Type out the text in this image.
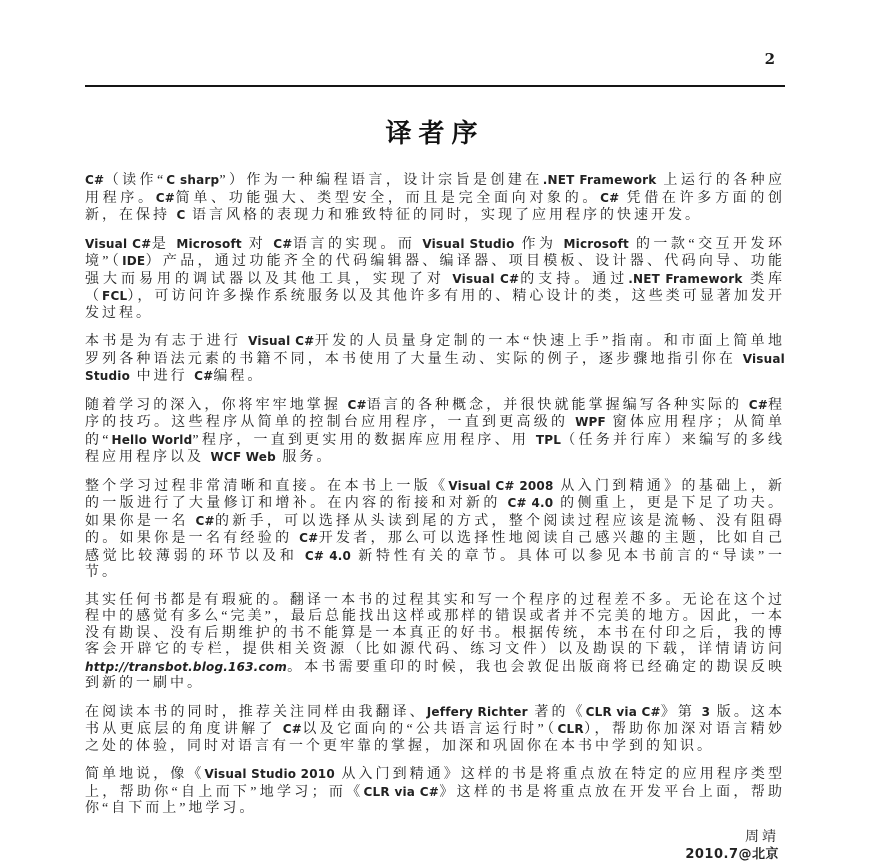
2
译者序

C#（读作“C sharp”）作为一种编程语言，设计宗旨是创建在.NET Framework 上运行的各种应用程序。C#简单、功能强大、类型安全，而且是完全面向对象的。C# 凭借在许多方面的创新，在保持 C 语言风格的表现力和雅致特征的同时，实现了应用程序的快速开发。

Visual C#是 Microsoft 对 C#语言的实现。而 Visual Studio 作为 Microsoft 的一款“交互开发环境”（IDE）产品，通过功能齐全的代码编辑器、编译器、项目模板、设计器、代码向导、功能强大而易用的调试器以及其他工具，实现了对 Visual C#的支持。通过.NET Framework 类库（FCL），可访问许多操作系统服务以及其他许多有用的、精心设计的类，这些类可显著加发开发过程。

本书是为有志于进行 Visual C#开发的人员量身定制的一本“快速上手”指南。和市面上简单地罗列各种语法元素的书籍不同，本书使用了大量生动、实际的例子，逐步骤地指引你在 Visual Studio 中进行 C#编程。

随着学习的深入，你将牢牢地掌握 C#语言的各种概念，并很快就能掌握编写各种实际的 C#程序的技巧。这些程序从简单的控制台应用程序，一直到更高级的 WPF 窗体应用程序；从简单的“Hello World”程序，一直到更实用的数据库应用程序、用 TPL（任务并行库）来编写的多线程应用程序以及 WCF Web 服务。

整个学习过程非常清晰和直接。在本书上一版《Visual C# 2008 从入门到精通》的基础上，新的一版进行了大量修订和增补。在内容的衔接和对新的 C# 4.0 的侧重上，更是下足了功夫。如果你是一名 C#的新手，可以选择从头读到尾的方式，整个阅读过程应该是流畅、没有阻碍的。如果你是一名有经验的 C#开发者，那么可以选择性地阅读自己感兴趣的主题，比如自己感觉比较薄弱的环节以及和 C# 4.0 新特性有关的章节。具体可以参见本书前言的“导读”一节。

其实任何书都是有瑕疵的。翻译一本书的过程其实和写一个程序的过程差不多。无论在这个过程中的感觉有多么“完美”，最后总能找出这样或那样的错误或者并不完美的地方。因此，一本没有勘误、没有后期维护的书不能算是一本真正的好书。根据传统，本书在付印之后，我的博客会开辟它的专栏，提供相关资源（比如源代码、练习文件）以及勘误的下载，详情请访问 http://transbot.blog.163.com。本书需要重印的时候，我也会敦促出版商将已经确定的勘误反映到新的一刷中。

在阅读本书的同时，推荐关注同样由我翻译、Jeffery Richter 著的《CLR via C#》第 3 版。这本书从更底层的角度讲解了 C#以及它面向的“公共语言运行时”（CLR），帮助你加深对语言精妙之处的体验，同时对语言有一个更牢靠的掌握，加深和巩固你在本书中学到的知识。

简单地说，像《Visual Studio 2010 从入门到精通》这样的书是将重点放在特定的应用程序类型上，帮助你“自上而下”地学习；而《CLR via C#》这样的书是将重点放在开发平台上面，帮助你“自下而上”地学习。

周靖
2010.7@北京
